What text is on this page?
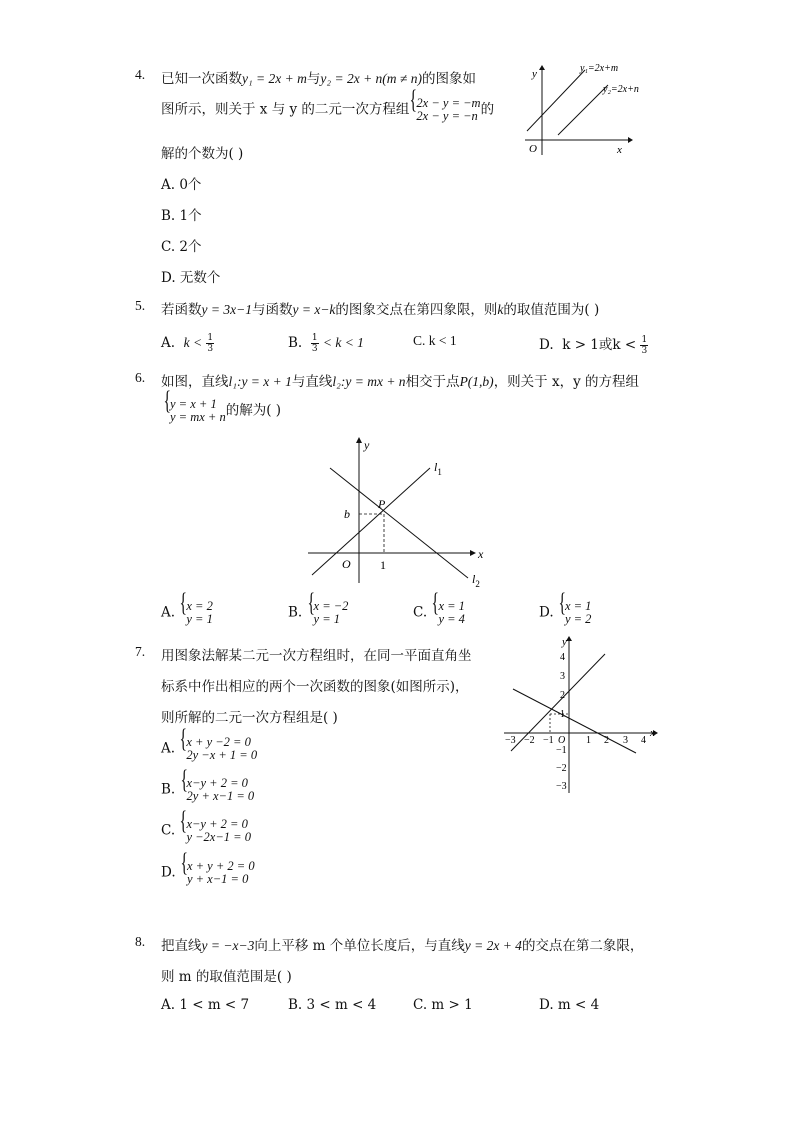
4. 已知一次函数y₁ = 2x + m与y₂ = 2x + n(m ≠ n)的图象如
图所示，则关于 x 与 y 的二元一次方程组 { 2x − y = −m
2x − y = −n 的
解的个数为( )
y
x
O
y₁=2x+m
y₂=2x+n
A. 0个
B. 1个
C. 2个
D. 无数个
5. 若函数y = 3x−1与函数y = x−k的图象交点在第四象限，则k的取值范围为( )
A. $k < \frac{1}{3}$	B. $\frac{1}{3} < k < 1$	C. k < 1	D. k > 1或$k < \frac{1}{3}$
6. 如图，直线l₁:y = x + 1与直线l₂:y = mx + n相交于点P(1,b)，则关于 x，y 的方程组
{ y = x + 1
y = mx + n 的解为( )
y
x
O
b
1
P
$l_1$
$l_2$
A. { x = 2
y = 1	B. { x = −2
y = 1	C. { x = 1
y = 4	D. { x = 1
y = 2
7. 用图象法解某二元一次方程组时，在同一平面直角坐
标系中作出相应的两个一次函数的图象(如图所示)，
则所解的二元一次方程组是( )
y
x
O
−3 −2 −1	1 2 3 4
4
3
2
1
−1
−2
−3
A. { x + y −2 = 0
2y −x + 1 = 0
B. { x−y + 2 = 0
2y + x−1 = 0
C. { x−y + 2 = 0
y −2x−1 = 0
D. { x + y + 2 = 0
y + x−1 = 0
8. 把直线y = −x−3向上平移 m 个单位长度后，与直线y = 2x + 4的交点在第二象限，
则 m 的取值范围是( )
A. 1 < m < 7	B. 3 < m < 4	C. m > 1	D. m < 4
